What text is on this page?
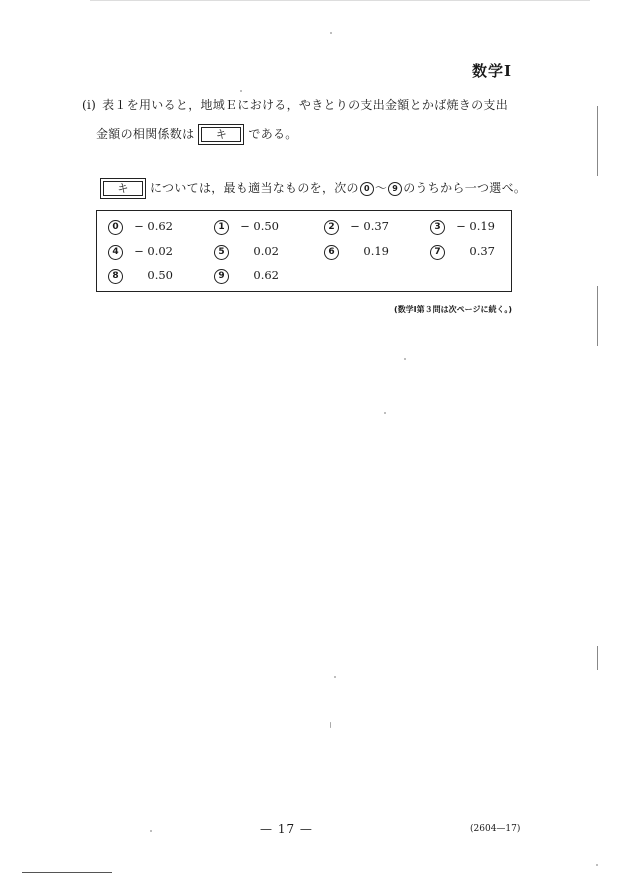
数学Ⅰ
(i) 表１を用いると，地域Ｅにおける，やきとりの支出金額とかば焼きの支出
金額の相関係数は キ である。
キ については，最も適当なものを，次の 0 ～ 9 のうちから一つ選べ。
0 − 0.62	1 − 0.50	2 − 0.37	3 − 0.19
4 − 0.02	5	0.02	6	0.19	7	0.37
8	0.50	9	0.62
(数学Ⅰ第３問は次ページに続く。)
— 17 —	(2604—17)
